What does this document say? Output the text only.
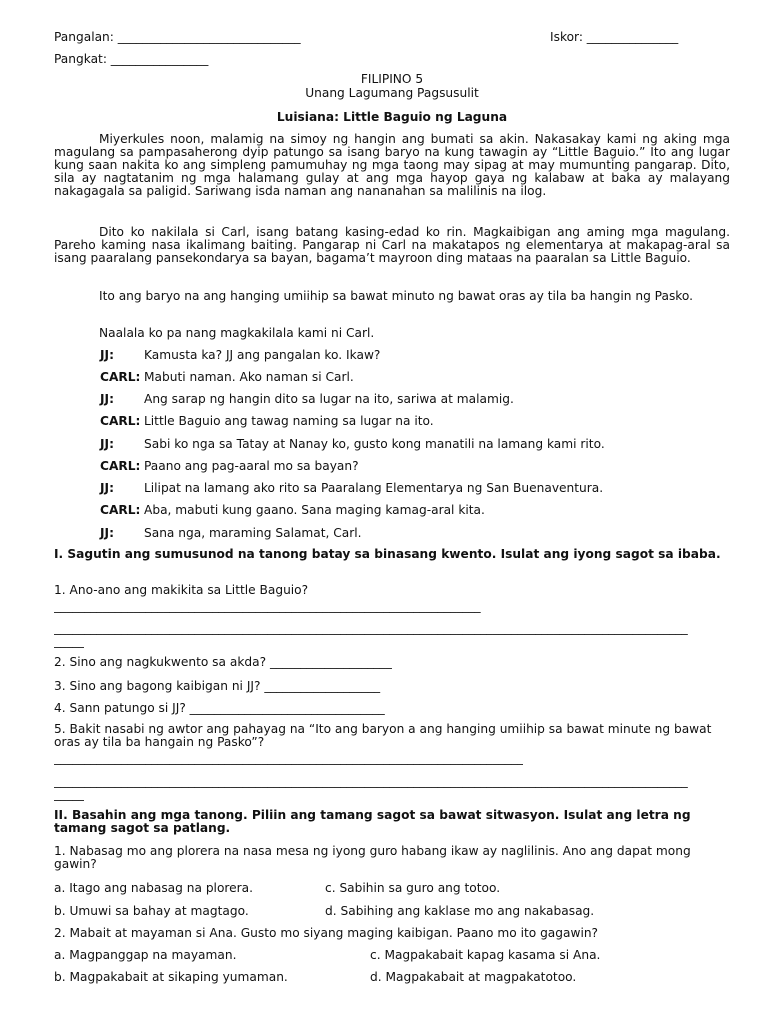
Pangalan: ______________________________	Iskor: _______________
Pangkat: ________________
FILIPINO 5
Unang Lagumang Pagsusulit
Luisiana: Little Baguio ng Laguna
Miyerkules noon, malamig na simoy ng hangin ang bumati sa akin. Nakasakay kami ng aking mga magulang sa pampasaherong dyip patungo sa isang baryo na kung tawagin ay “Little Baguio.” Ito ang lugar kung saan nakita ko ang simpleng pamumuhay ng mga taong may sipag at may mumunting pangarap. Dito, sila ay nagtatanim ng mga halamang gulay at ang mga hayop gaya ng kalabaw at baka ay malayang nakagagala sa paligid. Sariwang isda naman ang nananahan sa malilinis na ilog.
Dito ko nakilala si Carl, isang batang kasing-edad ko rin. Magkaibigan ang aming mga magulang. Pareho kaming nasa ikalimang baiting. Pangarap ni Carl na makatapos ng elementarya at makapag-aral sa isang paaralang pansekondarya sa bayan, bagama’t mayroon ding mataas na paaralan sa Little Baguio.
Ito ang baryo na ang hanging umiihip sa bawat minuto ng bawat oras ay tila ba hangin ng Pasko.
Naalala ko pa nang magkakilala kami ni Carl.
JJ: Kamusta ka? JJ ang pangalan ko. Ikaw?
CARL: Mabuti naman. Ako naman si Carl.
JJ: Ang sarap ng hangin dito sa lugar na ito, sariwa at malamig.
CARL: Little Baguio ang tawag naming sa lugar na ito.
JJ: Sabi ko nga sa Tatay at Nanay ko, gusto kong manatili na lamang kami rito.
CARL: Paano ang pag-aaral mo sa bayan?
JJ: Lilipat na lamang ako rito sa Paaralang Elementarya ng San Buenaventura.
CARL: Aba, mabuti kung gaano. Sana maging kamag-aral kita.
JJ: Sana nga, maraming Salamat, Carl.
I. Sagutin ang sumusunod na tanong batay sa binasang kwento. Isulat ang iyong sagot sa ibaba.
1. Ano-ano ang makikita sa Little Baguio?
______________________________________________________________________
________________________________________________________________________________________________________
_____
2. Sino ang nagkukwento sa akda? ____________________
3. Sino ang bagong kaibigan ni JJ? ___________________
4. Sann patungo si JJ? ________________________________
5. Bakit nasabi ng awtor ang pahayag na “Ito ang baryon a ang hanging umiihip sa bawat minute ng bawat oras ay tila ba hangain ng Pasko”?
_____________________________________________________________________________
________________________________________________________________________________________________________
_____
II. Basahin ang mga tanong. Piliin ang tamang sagot sa bawat sitwasyon. Isulat ang letra ng tamang sagot sa patlang.
1. Nabasag mo ang plorera na nasa mesa ng iyong guro habang ikaw ay naglilinis. Ano ang dapat mong gawin?
a. Itago ang nabasag na plorera.	c. Sabihin sa guro ang totoo.
b. Umuwi sa bahay at magtago.	d. Sabihing ang kaklase mo ang nakabasag.
2. Mabait at mayaman si Ana. Gusto mo siyang maging kaibigan. Paano mo ito gagawin?
a. Magpanggap na mayaman.	c. Magpakabait kapag kasama si Ana.
b. Magpakabait at sikaping yumaman.	d. Magpakabait at magpakatotoo.
